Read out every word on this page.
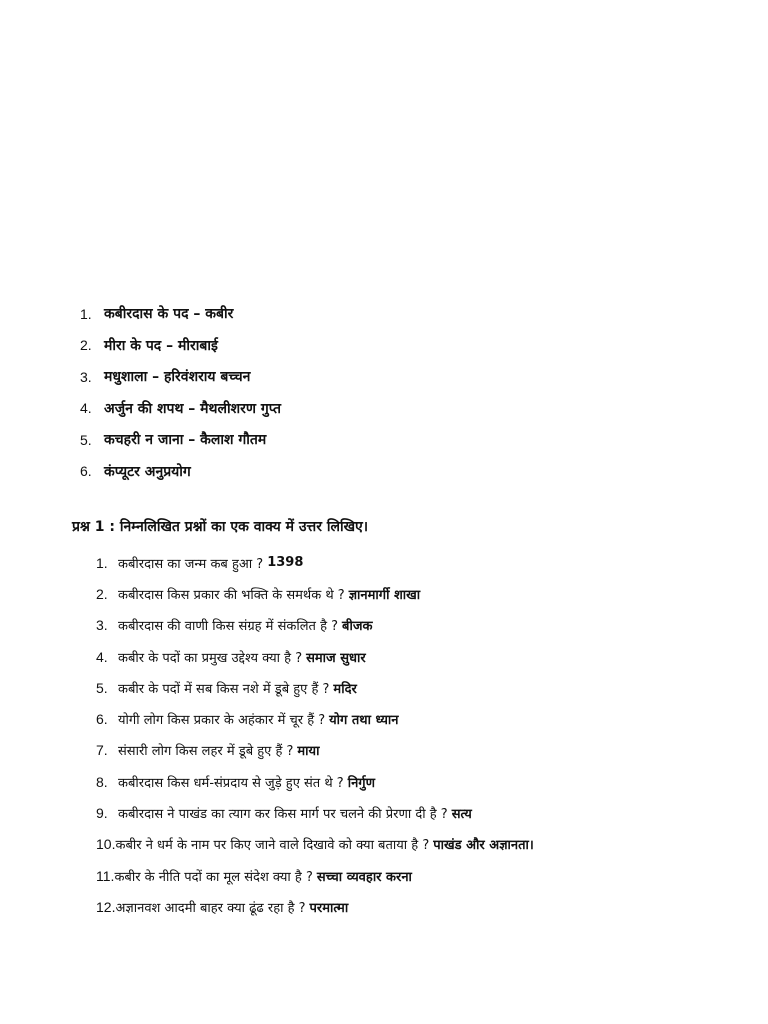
1. कबीरदास के पद – कबीर
2. मीरा के पद – मीराबाई
3. मधुशाला – हरिवंशराय बच्चन
4. अर्जुन की शपथ – मैथलीशरण गुप्त
5. कचहरी न जाना – कैलाश गौतम
6. कंप्यूटर अनुप्रयोग
प्रश्न 1 : निम्नलिखित प्रश्नों का एक वाक्य में उत्तर लिखिए।
1. कबीरदास का जन्म कब हुआ ? 1398
2. कबीरदास किस प्रकार की भक्ति के समर्थक थे ? ज्ञानमार्गी शाखा
3. कबीरदास की वाणी किस संग्रह में संकलित है ? बीजक
4. कबीर के पदों का प्रमुख उद्देश्य क्या है ? समाज सुधार
5. कबीर के पदों में सब किस नशे में डूबे हुए हैं ? मदिर
6. योगी लोग किस प्रकार के अहंकार में चूर हैं ? योग तथा ध्यान
7. संसारी लोग किस लहर में डूबे हुए हैं ? माया
8. कबीरदास किस धर्म-संप्रदाय से जुड़े हुए संत थे ? निर्गुण
9. कबीरदास ने पाखंड का त्याग कर किस मार्ग पर चलने की प्रेरणा दी है ? सत्य
10. कबीर ने धर्म के नाम पर किए जाने वाले दिखावे को क्या बताया है ? पाखंड और अज्ञानता।
11. कबीर के नीति पदों का मूल संदेश क्या है ? सच्चा व्यवहार करना
12. अज्ञानवश आदमी बाहर क्या ढूंढ रहा है ? परमात्मा
